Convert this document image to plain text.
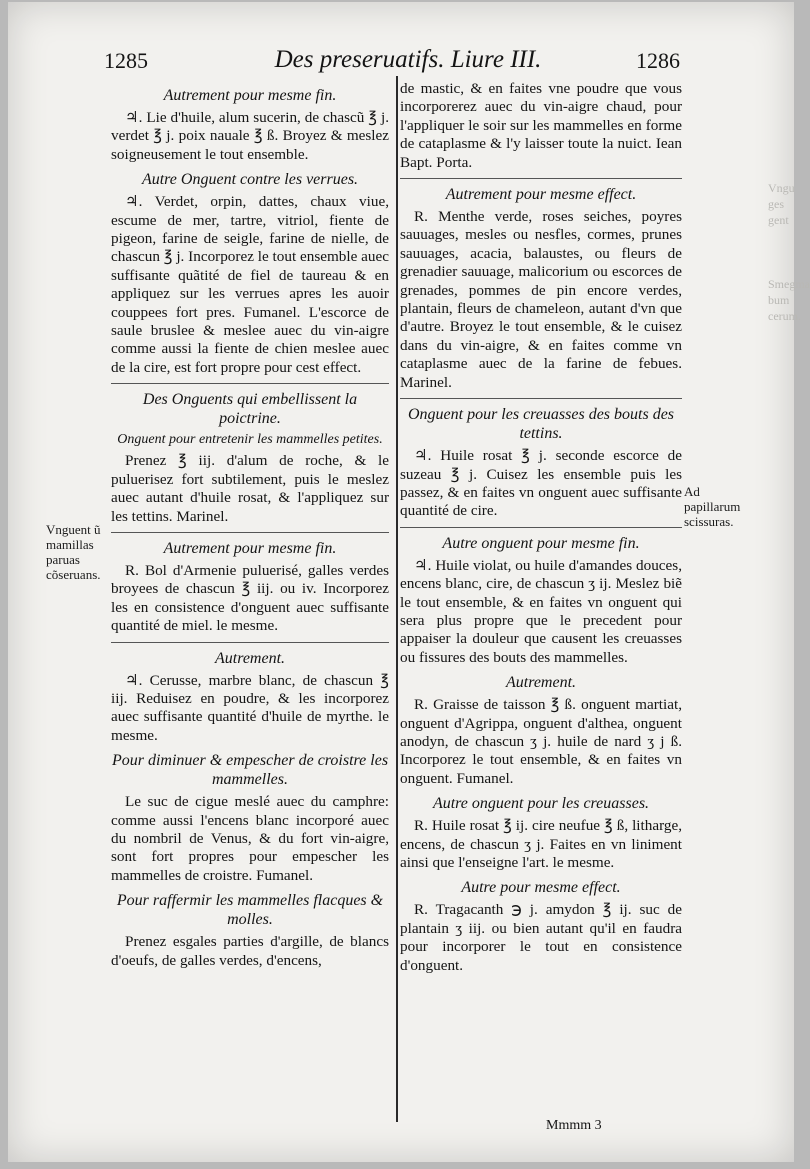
1285	Des preseruatifs. Liure III.	1286
Autrement pour mesme fin.

♃. Lie d'huile, alum sucerin, de chascũ ℥ j. verdet ℥ j. poix nauale ℥ ß. Broyez & meslez soigneusement le tout ensemble.

Autre Onguent contre les verrues.

♃. Verdet, orpin, dattes, chaux viue, escume de mer, tartre, vitriol, fiente de pigeon, farine de seigle, farine de nielle, de chascun ℥ j. Incorporez le tout ensemble auec suffisante quãtité de fiel de taureau & en appliquez sur les verrues apres les auoir couppees fort pres. Fumanel. L'escorce de saule bruslee & meslee auec du vin-aigre comme aussi la fiente de chien meslee auec de la cire, est fort propre pour cest effect.

Des Onguents qui embellissent la poictrine.
Onguent pour entretenir les mammelles petites.

Prenez ℥ iij. d'alum de roche, & le puluerisez fort subtilement, puis le meslez auec autant d'huile rosat, & l'appliquez sur les tettins. Marinel.

Autrement pour mesme fin.

R. Bol d'Armenie puluerisé, galles verdes broyees de chascun ℥ iij. ou iv. Incorporez les en consistence d'onguent auec suffisante quantité de miel. le mesme.

Autrement.

♃. Cerusse, marbre blanc, de chascun ℥ iij. Reduisez en poudre, & les incorporez auec suffisante quantité d'huile de myrthe. le mesme.

Pour diminuer & empescher de croistre les mammelles.

Le suc de cigue meslé auec du camphre: comme aussi l'encens blanc incorporé auec du nombril de Venus, & du fort vin-aigre, sont fort propres pour empescher les mammelles de croistre. Fumanel.

Pour raffermir les mammelles flacques & molles.

Prenez esgales parties d'argille, de blancs d'oeufs, de galles verdes, d'encens,

de mastic, & en faites vne poudre que vous incorporerez auec du vin-aigre chaud, pour l'appliquer le soir sur les mammelles en forme de cataplasme & l'y laisser toute la nuict. Iean Bapt. Porta.

Autrement pour mesme effect.

R. Menthe verde, roses seiches, poyres sauuages, mesles ou nesfles, cormes, prunes sauuages, acacia, balaustes, ou fleurs de grenadier sauuage, malicorium ou escorces de grenades, pommes de pin encore verdes, plantain, fleurs de chameleon, autant d'vn que d'autre. Broyez le tout ensemble, & le cuisez dans du vin-aigre, & en faites comme vn cataplasme auec de la farine de febues. Marinel.

Onguent pour les creuasses des bouts des tettins.

♃. Huile rosat ℥ j. seconde escorce de suzeau ℥ j. Cuisez les ensemble puis les passez, & en faites vn onguent auec suffisante quantité de cire.

Autre onguent pour mesme fin.

♃. Huile violat, ou huile d'amandes douces, encens blanc, cire, de chascun ʒ ij. Meslez biẽ le tout ensemble, & en faites vn onguent qui sera plus propre que le precedent pour appaiser la douleur que causent les creuasses ou fissures des bouts des mammelles.

Autrement.

R. Graisse de taisson ℥ ß. onguent martiat, onguent d'Agrippa, onguent d'althea, onguent anodyn, de chascun ʒ j. huile de nard ʒ j ß. Incorporez le tout ensemble, & en faites vn onguent. Fumanel.

Autre onguent pour les creuasses.

R. Huile rosat ℥ ij. cire neufue ℥ ß, litharge, encens, de chascun ʒ j. Faites en vn liniment ainsi que l'enseigne l'art. le mesme.

Autre pour mesme effect.

R. Tragacanth ℈ j. amydon ℥ ij. suc de plantain ʒ iij. ou bien autant qu'il en faudra pour incorporer le tout en consistence d'onguent.

Vnguent ũ mamillas paruas cõseruans.
Ad papillarum scissuras.
Vngu
ges
gent

Smegma
bum
cerum.
Mmmm 3
